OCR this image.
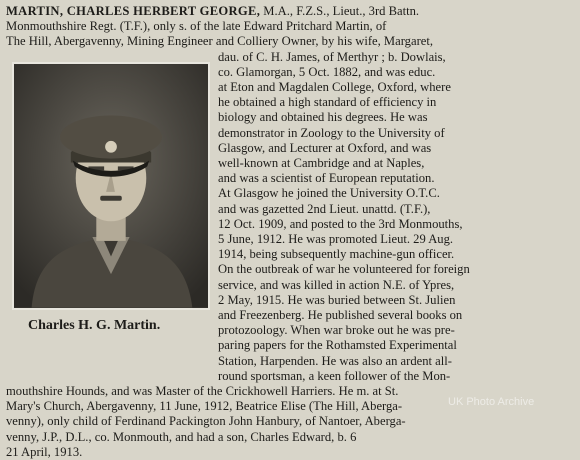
MARTIN, CHARLES HERBERT GEORGE, M.A., F.Z.S., Lieut., 3rd Battn.
Charles H. G. Martin.
UK Photo Archive
Monmouthshire Regt. (T.F.), only s. of the late Edward Pritchard Martin, of
The Hill, Abergavenny, Mining Engineer and Colliery Owner, by his wife, Margaret,
dau. of C. H. James, of Merthyr ; b. Dowlais,
co. Glamorgan, 5 Oct. 1882, and was educ.
at Eton and Magdalen College, Oxford, where
he obtained a high standard of efficiency in
biology and obtained his degrees. He was
demonstrator in Zoology to the University of
Glasgow, and Lecturer at Oxford, and was
well-known at Cambridge and at Naples,
and was a scientist of European reputation.
At Glasgow he joined the University O.T.C.
and was gazetted 2nd Lieut. unattd. (T.F.),
12 Oct. 1909, and posted to the 3rd Monmouths,
5 June, 1912. He was promoted Lieut. 29 Aug.
1914, being subsequently machine-gun officer.
On the outbreak of war he volunteered for foreign
service, and was killed in action N.E. of Ypres,
2 May, 1915. He was buried between St. Julien
and Freezenberg. He published several books on
protozoology. When war broke out he was pre-
paring papers for the Rothamsted Experimental
Station, Harpenden. He was also an ardent all-
round sportsman, a keen follower of the Mon-
mouthshire Hounds, and was Master of the Crickhowell Harriers. He m. at St.
Mary's Church, Abergavenny, 11 June, 1912, Beatrice Elise (The Hill, Aberga-
venny), only child of Ferdinand Packington John Hanbury, of Nantoer, Aberga-
venny, J.P., D.L., co. Monmouth, and had a son, Charles Edward, b. 6
21 April, 1913.
